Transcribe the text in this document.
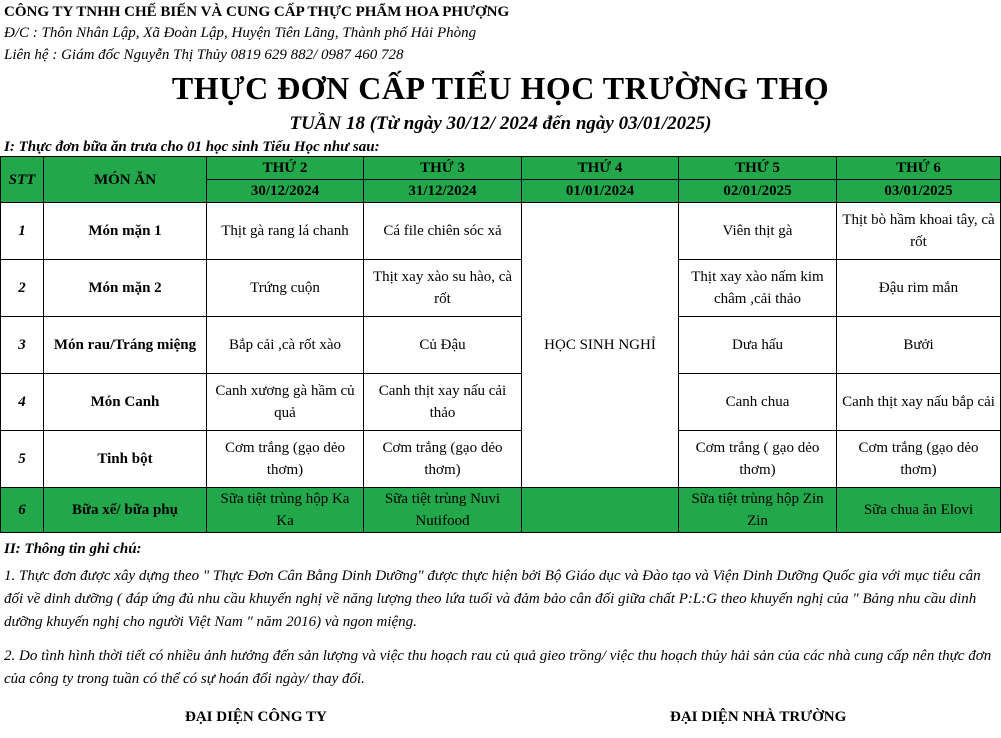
CÔNG TY TNHH CHẾ BIẾN VÀ CUNG CẤP THỰC PHẨM HOA PHƯỢNG
Đ/C : Thôn Nhân Lập, Xã Đoàn Lập, Huyện Tiên Lãng, Thành phố Hải Phòng
Liên hệ : Giám đốc Nguyễn Thị Thủy 0819 629 882/ 0987 460 728
THỰC ĐƠN CẤP TIỂU HỌC TRƯỜNG THỌ
TUẦN 18 (Từ ngày 30/12/ 2024 đến ngày 03/01/2025)
I: Thực đơn bữa ăn trưa cho 01 học sinh Tiểu Học như sau:
STT	MÓN ĂN	THỨ 2	THỨ 3	THỨ 4	THỨ 5	THỨ 6
		30/12/2024	31/12/2024	01/01/2024	02/01/2025	03/01/2025
1	Món mặn 1	Thịt gà rang lá chanh	Cá file chiên sóc xả	HỌC SINH NGHỈ	Viên thịt gà	Thịt bò hầm khoai tây, cà rốt
2	Món mặn 2	Trứng cuộn	Thịt xay xào su hào, cà rốt		Thịt xay xào nấm kim châm ,cải thảo	Đậu rim mắn
3	Món rau/Tráng miệng	Bắp cải ,cà rốt xào	Củ Đậu		Dưa hấu	Bưởi
4	Món Canh	Canh xương gà hầm củ quả	Canh thịt xay nấu cải thảo		Canh chua	Canh thịt xay nấu bắp cải
5	Tinh bột	Cơm trắng (gạo dẻo thơm)	Cơm trắng (gạo dẻo thơm)		Cơm trắng ( gạo dẻo thơm)	Cơm trắng (gạo dẻo thơm)
6	Bữa xế/ bữa phụ	Sữa tiệt trùng hộp Ka Ka	Sữa tiệt trùng Nuvi Nutifood		Sữa tiệt trùng hộp Zin Zin	Sữa chua ăn Elovi
II: Thông tin ghi chú:
1. Thực đơn được xây dựng theo " Thực Đơn Cân Bằng Dinh Dưỡng" được thực hiện bởi Bộ Giáo dục và Đào tạo và Viện Dinh Dưỡng Quốc gia với mục tiêu cân đối về dinh dưỡng ( đáp ứng đủ nhu cầu khuyến nghị về năng lượng theo lứa tuổi và đảm bảo cân đối giữa chất P:L:G theo khuyến nghị của " Bảng nhu cầu dinh dưỡng khuyến nghị cho người Việt Nam " năm 2016) và ngon miệng.
2. Do tình hình thời tiết có nhiều ảnh hưởng đến sản lượng và việc thu hoạch rau củ quả gieo trồng/ việc thu hoạch thủy hải sản của các nhà cung cấp nên thực đơn của công ty trong tuần có thể có sự hoán đổi ngày/ thay đổi.
ĐẠI DIỆN CÔNG TY	ĐẠI DIỆN NHÀ TRƯỜNG
